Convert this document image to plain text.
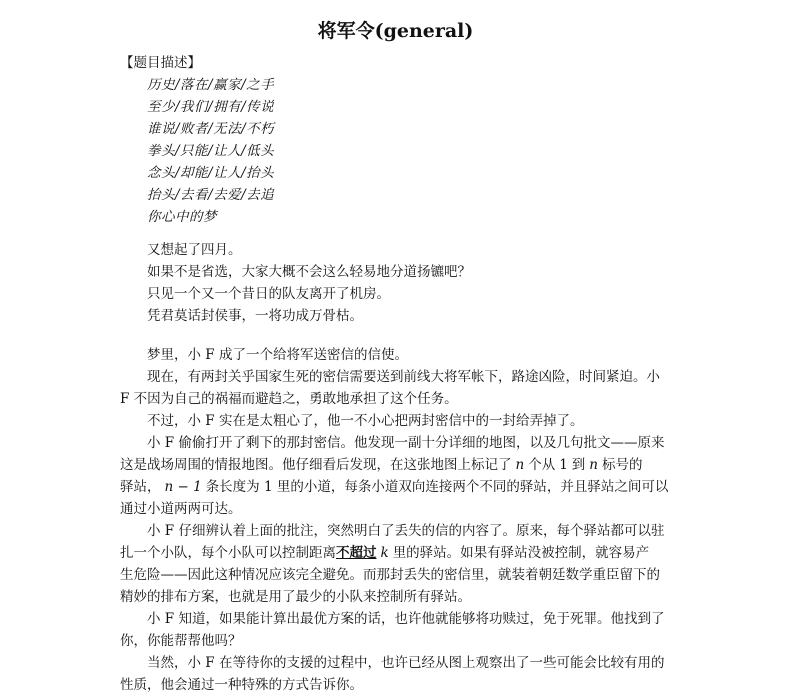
将军令(general)
【题目描述】
历史/落在/赢家/之手
至少/我们/拥有/传说
谁说/败者/无法/不朽
拳头/只能/让人/低头
念头/却能/让人/抬头
抬头/去看/去爱/去追
你心中的梦
又想起了四月。
如果不是省选，大家大概不会这么轻易地分道扬镳吧？
只见一个又一个昔日的队友离开了机房。
凭君莫话封侯事，一将功成万骨枯。
梦里，小 F 成了一个给将军送密信的信使。
现在，有两封关乎国家生死的密信需要送到前线大将军帐下，路途凶险，时间紧迫。小
F 不因为自己的祸福而避趋之，勇敢地承担了这个任务。
不过，小 F 实在是太粗心了，他一不小心把两封密信中的一封给弄掉了。
小 F 偷偷打开了剩下的那封密信。他发现一副十分详细的地图，以及几句批文——原来
这是战场周围的情报地图。他仔细看后发现，在这张地图上标记了 n 个从 1 到 n 标号的
驿站， n − 1 条长度为 1 里的小道，每条小道双向连接两个不同的驿站，并且驿站之间可以
通过小道两两可达。
小 F 仔细辨认着上面的批注，突然明白了丢失的信的内容了。原来，每个驿站都可以驻
扎一个小队，每个小队可以控制距离不超过 k 里的驿站。如果有驿站没被控制，就容易产
生危险——因此这种情况应该完全避免。而那封丢失的密信里，就装着朝廷数学重臣留下的
精妙的排布方案，也就是用了最少的小队来控制所有驿站。
小 F 知道，如果能计算出最优方案的话，也许他就能够将功赎过，免于死罪。他找到了
你，你能帮帮他吗？
当然，小 F 在等待你的支援的过程中，也许已经从图上观察出了一些可能会比较有用的
性质，他会通过一种特殊的方式告诉你。
